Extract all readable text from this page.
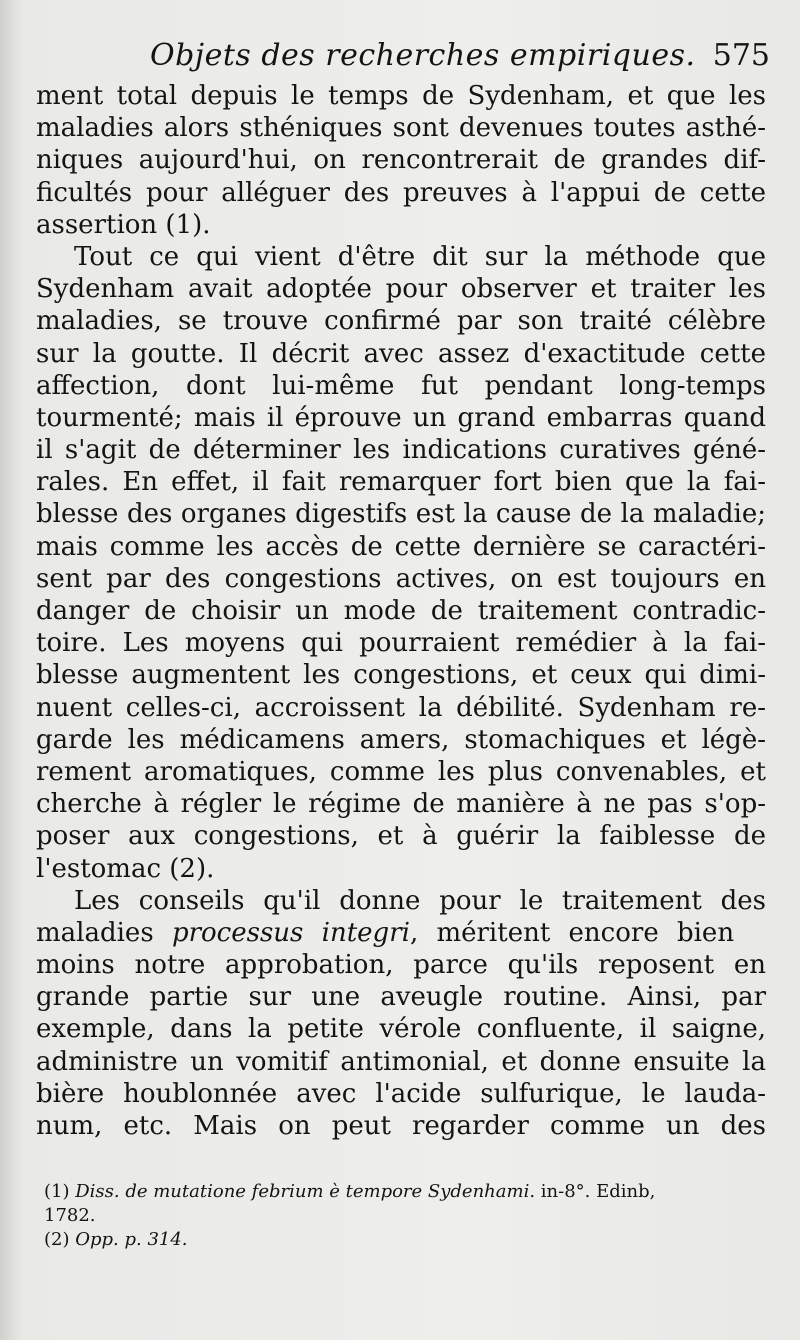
Objets des recherches empiriques. 575
ment total depuis le temps de Sydenham, et que les
maladies alors sthéniques sont devenues toutes asthé-
niques aujourd'hui, on rencontrerait de grandes dif-
ficultés pour alléguer des preuves à l'appui de cette
assertion (1).
Tout ce qui vient d'être dit sur la méthode que
Sydenham avait adoptée pour observer et traiter les
maladies, se trouve confirmé par son traité célèbre
sur la goutte. Il décrit avec assez d'exactitude cette
affection, dont lui-même fut pendant long-temps
tourmenté; mais il éprouve un grand embarras quand
il s'agit de déterminer les indications curatives géné-
rales. En effet, il fait remarquer fort bien que la fai-
blesse des organes digestifs est la cause de la maladie;
mais comme les accès de cette dernière se caractéri-
sent par des congestions actives, on est toujours en
danger de choisir un mode de traitement contradic-
toire. Les moyens qui pourraient remédier à la fai-
blesse augmentent les congestions, et ceux qui dimi-
nuent celles-ci, accroissent la débilité. Sydenham re-
garde les médicamens amers, stomachiques et légè-
rement aromatiques, comme les plus convenables, et
cherche à régler le régime de manière à ne pas s'op-
poser aux congestions, et à guérir la faiblesse de
l'estomac (2).
Les conseils qu'il donne pour le traitement des
maladies processus integri, méritent encore bien
moins notre approbation, parce qu'ils reposent en
grande partie sur une aveugle routine. Ainsi, par
exemple, dans la petite vérole confluente, il saigne,
administre un vomitif antimonial, et donne ensuite la
bière houblonnée avec l'acide sulfurique, le lauda-
num, etc. Mais on peut regarder comme un des
(1) Diss. de mutatione febrium è tempore Sydenhami. in-8°. Edinb,
1782.
(2) Opp. p. 314.
